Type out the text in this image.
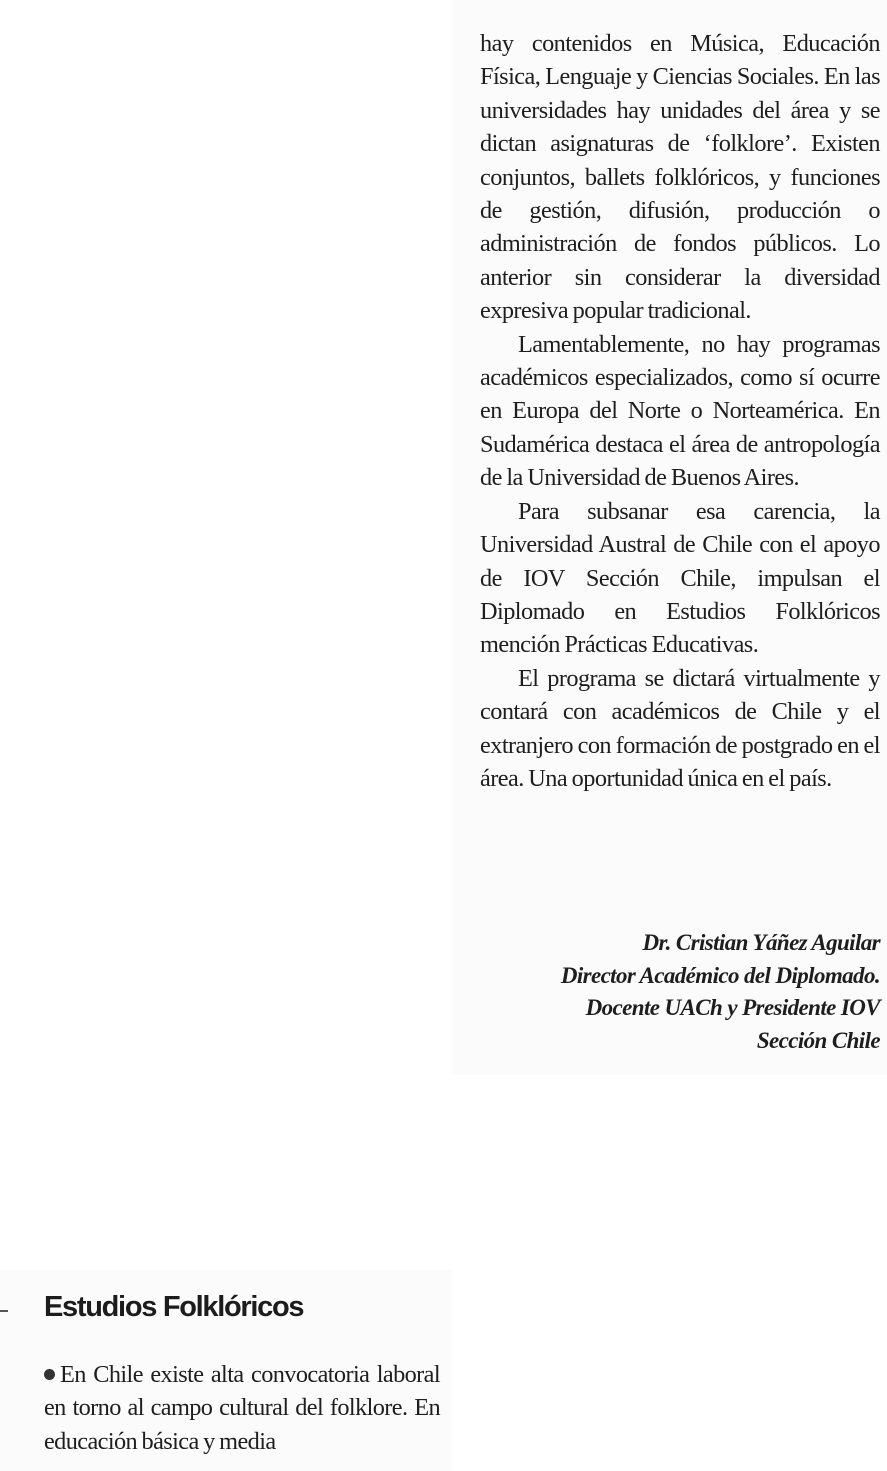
hay contenidos en Música, Educación Física, Lenguaje y Ciencias Sociales. En las universidades hay unidades del área y se dictan asignaturas de ‘folklore’. Existen conjuntos, ballets folklóricos, y funciones de gestión, difusión, producción o administración de fondos públicos. Lo anterior sin considerar la diversidad expresiva popular tradicional.

Lamentablemente, no hay programas académicos especializados, como sí ocurre en Europa del Norte o Norteamérica. En Sudamérica destaca el área de antropología de la Universidad de Buenos Aires.

Para subsanar esa carencia, la Universidad Austral de Chile con el apoyo de IOV Sección Chile, impulsan el Diplomado en Estudios Folklóricos mención Prácticas Educativas.

El programa se dictará virtualmente y contará con académicos de Chile y el extranjero con formación de postgrado en el área. Una oportunidad única en el país.

Dr. Cristian Yáñez Aguilar
Director Académico del Diplomado.
Docente UACh y Presidente IOV
Sección Chile
Estudios Folklóricos

En Chile existe alta convocatoria laboral en torno al campo cultural del folklore. En educación básica y media
